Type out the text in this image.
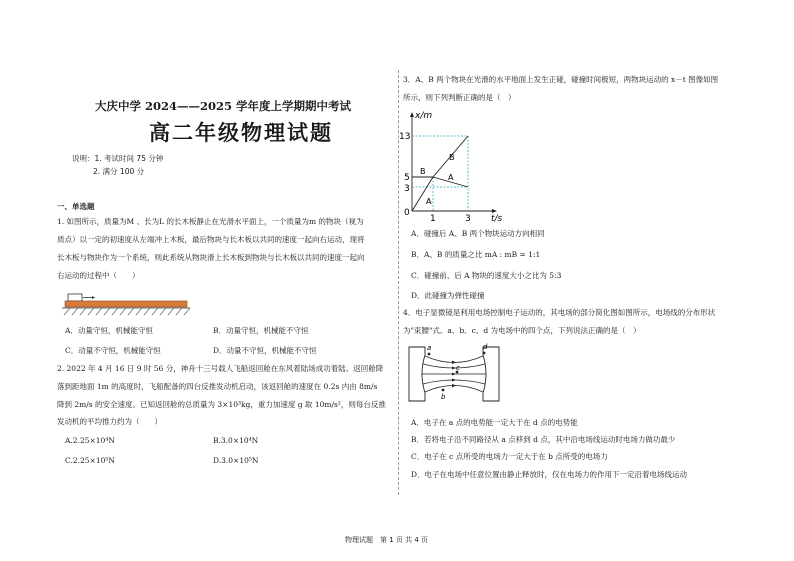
大庆中学 2024——2025 学年度上学期期中考试
高二年级物理试题
说明：1. 考试时间 75 分钟
2. 满分 100 分
一、单选题
1. 如图所示，质量为M 、长为L 的长木板静止在光滑水平面上，一个质量为m 的物块（视为
质点）以一定的初速度从左端冲上木板，最后物块与长木板以共同的速度一起向右运动，现将
长木板与物块作为一个系统，则此系统从物块滑上长木板到物块与长木板以共同的速度一起向
右运动的过程中（　　）
A．动量守恒，机械能守恒	B．动量守恒，机械能不守恒
C．动量不守恒，机械能守恒	D．动量不守恒，机械能不守恒
2. 2022 年 4 月 16 日 9 时 56 分，神舟十三号载人飞船返回舱在东风着陆场成功着陆。返回舱降
落到距地面 1m 的高度时，飞船配备的四台反推发动机启动，该返回舱的速度在 0.2s 内由 8m/s
降到 2m/s 的安全速度。已知返回舱的总质量为 3×10³kg，重力加速度 g 取 10m/s²，则每台反推
发动机的平均推力约为（　　）
A.2.25×10⁴N	B.3.0×10⁴N
C.2.25×10⁵N	D.3.0×10⁵N
3．A、B 两个物块在光滑的水平地面上发生正碰，碰撞时间极短，两物块运动的 x－t 图像如图
所示，则下列判断正确的是（　）
x/m
t/s
13
5
3
0
1	3
B
A
B
A
A．碰撞后 A、B 两个物块运动方向相同
B．A、B 的质量之比 mA : mB = 1:1
C．碰撞前、后 A 物块的速度大小之比为 5:3
D．此碰撞为弹性碰撞
4．电子显微镜是利用电场控制电子运动的，其电场的部分简化图如图所示，电场线的分布形状
为"束腰"式。a、b、c、d 为电场中的四个点，下列说法正确的是（　）
a
b
c
d
A．电子在 a 点的电势能一定大于在 d 点的电势能
B．若将电子沿不同路径从 a 点移到 d 点，其中沿电场线运动时电场力做功最少
C．电子在 c 点所受的电场力一定大于在 b 点所受的电场力
D．电子在电场中任意位置由静止释放时，仅在电场力的作用下一定沿着电场线运动
物理试题　第 1 页 共 4 页
